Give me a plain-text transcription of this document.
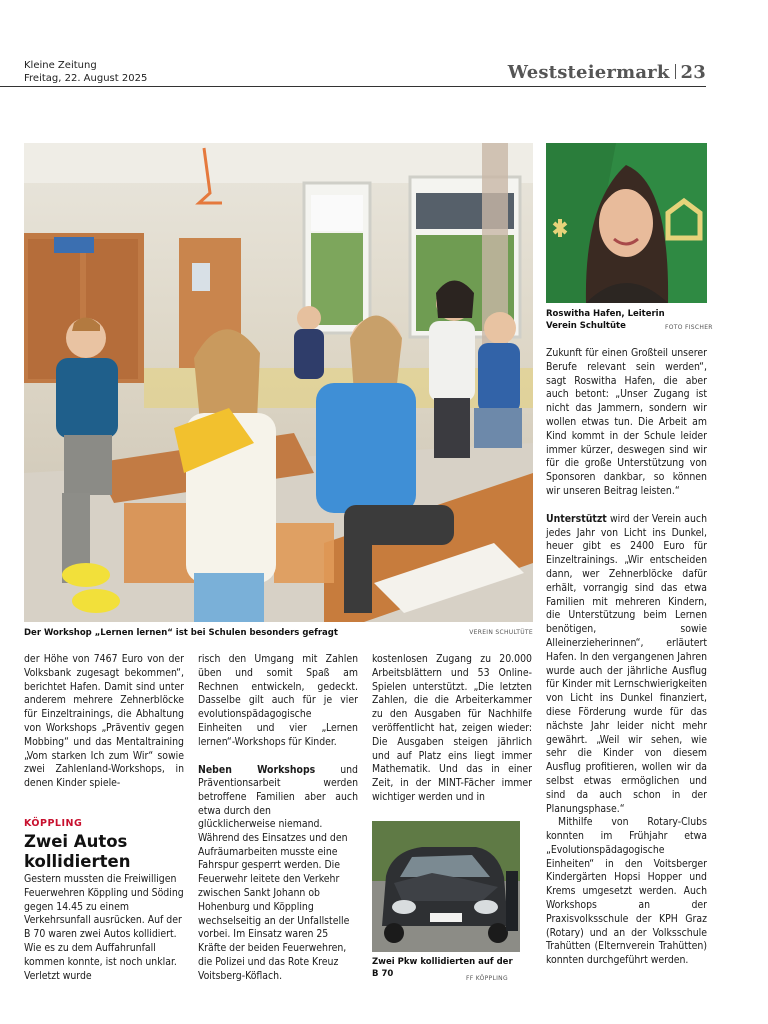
Kleine Zeitung
Freitag, 22. August 2025	Weststeiermark 23
Der Workshop „Lernen lernen“ ist bei Schulen besonders gefragt	VEREIN SCHULTÜTE
Roswitha Hafen, Leiterin Verein Schultüte	FOTO FISCHER

der Höhe von 7467 Euro von der Volksbank zugesagt bekommen“, berichtet Hafen. Damit sind unter anderem mehrere Zehnerblöcke für Einzeltrainings, die Abhaltung von Workshops „Präventiv gegen Mobbing“ und das Mentaltraining „Vom starken Ich zum Wir“ sowie zwei Zahlenland-Workshops, in denen Kinder spiele-

risch den Umgang mit Zahlen üben und somit Spaß am Rechnen entwickeln, gedeckt. Dasselbe gilt auch für je vier evolutionspädagogische Einheiten und vier „Lernen lernen“-Workshops für Kinder.

Neben Workshops und Präventionsarbeit werden betroffene Familien aber auch etwa durch den

kostenlosen Zugang zu 20.000 Arbeitsblättern und 53 Online-Spielen unterstützt. „Die letzten Zahlen, die die Arbeiterkammer zu den Ausgaben für Nachhilfe veröffentlicht hat, zeigen wieder: Die Ausgaben steigen jährlich und auf Platz eins liegt immer Mathematik. Und das in einer Zeit, in der MINT-Fächer immer wichtiger werden und in

Zukunft für einen Großteil unserer Berufe relevant sein werden“, sagt Roswitha Hafen, die aber auch betont: „Unser Zugang ist nicht das Jammern, sondern wir wollen etwas tun. Die Arbeit am Kind kommt in der Schule leider immer kürzer, deswegen sind wir für die große Unterstützung von Sponsoren dankbar, so können wir unseren Beitrag leisten.“

Unterstützt wird der Verein auch jedes Jahr von Licht ins Dunkel, heuer gibt es 2400 Euro für Einzeltrainings. „Wir entscheiden dann, wer Zehnerblöcke dafür erhält, vorrangig sind das etwa Familien mit mehreren Kindern, die Unterstützung beim Lernen benötigen, sowie Alleinerzieherinnen“, erläutert Hafen. In den vergangenen Jahren wurde auch der jährliche Ausflug für Kinder mit Lernschwierigkeiten von Licht ins Dunkel finanziert, diese Förderung wurde für das nächste Jahr leider nicht mehr gewährt. „Weil wir sehen, wie sehr die Kinder von diesem Ausflug profitieren, wollen wir da selbst etwas ermöglichen und sind da auch schon in der Planungsphase.“

Mithilfe von Rotary-Clubs konnten im Frühjahr etwa „Evolutionspädagogische Einheiten“ in den Voitsberger Kindergärten Hopsi Hopper und Krems umgesetzt werden. Auch Workshops an der Praxisvolksschule der KPH Graz (Rotary) und an der Volksschule Trahütten (Elternverein Trahütten) konnten durchgeführt werden.

KÖPPLING
Zwei Autos kollidierten

Gestern mussten die Freiwilligen Feuerwehren Köppling und Söding gegen 14.45 zu einem Verkehrsunfall ausrücken. Auf der B 70 waren zwei Autos kollidiert. Wie es zu dem Auffahrunfall kommen konnte, ist noch unklar. Verletzt wurde

glücklicherweise niemand. Während des Einsatzes und den Aufräumarbeiten musste eine Fahrspur gesperrt werden. Die Feuerwehr leitete den Verkehr zwischen Sankt Johann ob Hohenburg und Köppling wechselseitig an der Unfallstelle vorbei. Im Einsatz waren 25 Kräfte der beiden Feuerwehren, die Polizei und das Rote Kreuz Voitsberg-Köflach.

Zwei Pkw kollidierten auf der B 70	FF KÖPPLING
